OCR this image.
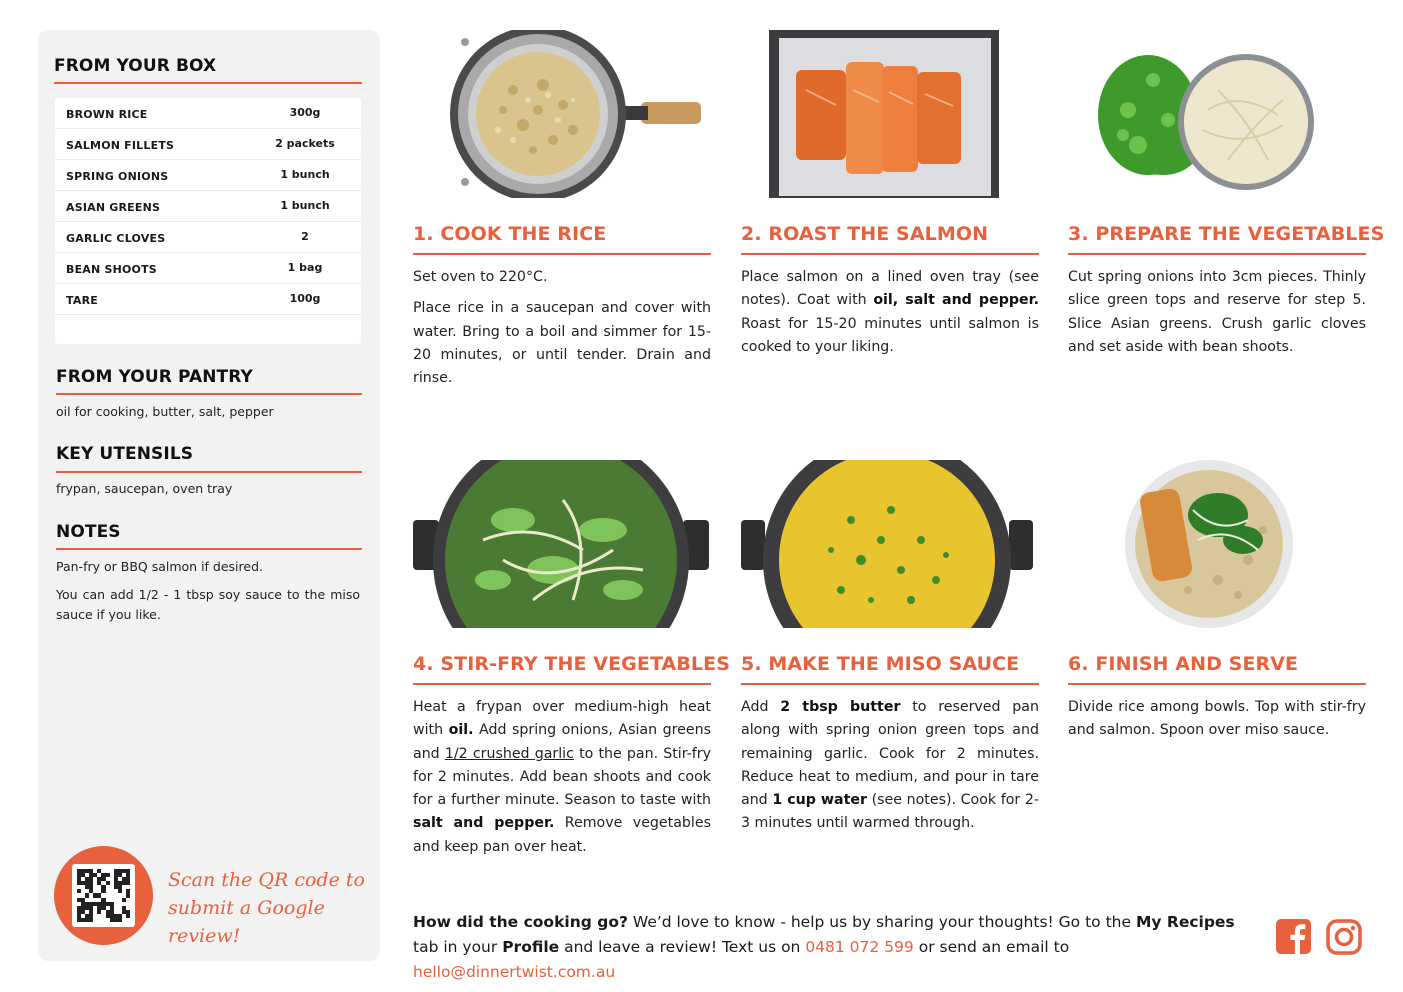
FROM YOUR BOX
BROWN RICE	300g
SALMON FILLETS	2 packets
SPRING ONIONS	1 bunch
ASIAN GREENS	1 bunch
GARLIC CLOVES	2
BEAN SHOOTS	1 bag
TARE	100g
FROM YOUR PANTRY
oil for cooking, butter, salt, pepper
KEY UTENSILS
frypan, saucepan, oven tray
NOTES
Pan-fry or BBQ salmon if desired.
You can add 1/2 - 1 tbsp soy sauce to the miso sauce if you like.
Scan the QR code to
submit a Google review!
1. COOK THE RICE

Set oven to 220°C.

Place rice in a saucepan and cover with water. Bring to a boil and simmer for 15-20 minutes, or until tender. Drain and rinse.

2. ROAST THE SALMON

Place salmon on a lined oven tray (see notes). Coat with oil, salt and pepper. Roast for 15-20 minutes until salmon is cooked to your liking.

3. PREPARE THE VEGETABLES

Cut spring onions into 3cm pieces. Thinly slice green tops and reserve for step 5. Slice Asian greens. Crush garlic cloves and set aside with bean shoots.

4. STIR-FRY THE VEGETABLES

Heat a frypan over medium-high heat with oil. Add spring onions, Asian greens and 1/2 crushed garlic to the pan. Stir-fry for 2 minutes. Add bean shoots and cook for a further minute. Season to taste with salt and pepper. Remove vegetables and keep pan over heat.

5. MAKE THE MISO SAUCE

Add 2 tbsp butter to reserved pan along with spring onion green tops and remaining garlic. Cook for 2 minutes. Reduce heat to medium, and pour in tare and 1 cup water (see notes). Cook for 2-3 minutes until warmed through.

6. FINISH AND SERVE

Divide rice among bowls. Top with stir-fry and salmon. Spoon over miso sauce.

How did the cooking go? We’d love to know - help us by sharing your thoughts! Go to the My Recipes tab in your Profile and leave a review! Text us on 0481 072 599 or send an email to hello@dinnertwist.com.au
